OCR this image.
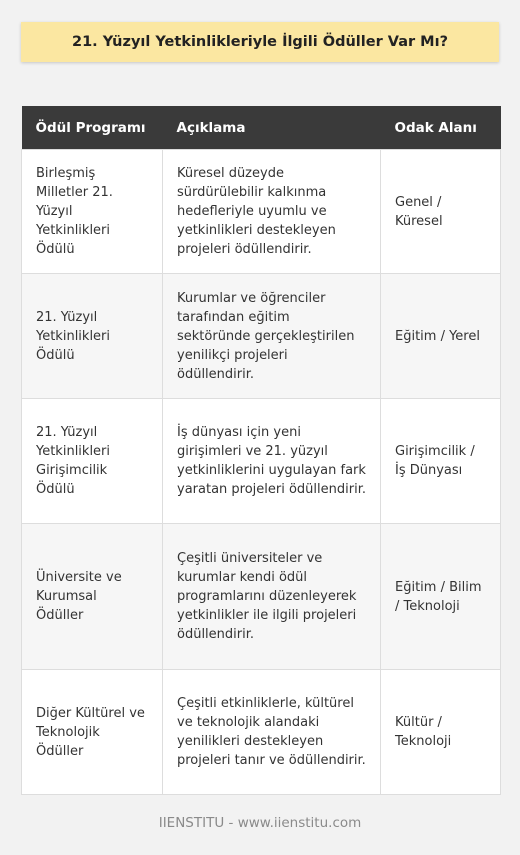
21. Yüzyıl Yetkinlikleriyle İlgili Ödüller Var Mı?
Ödül Programı	Açıklama	Odak Alanı
Birleşmiş Milletler 21. Yüzyıl Yetkinlikleri Ödülü	Küresel düzeyde sürdürülebilir kalkınma hedefleriyle uyumlu ve yetkinlikleri destekleyen projeleri ödüllendirir.	Genel / Küresel
21. Yüzyıl Yetkinlikleri Ödülü	Kurumlar ve öğrenciler tarafından eğitim sektöründe gerçekleştirilen yenilikçi projeleri ödüllendirir.	Eğitim / Yerel
21. Yüzyıl Yetkinlikleri Girişimcilik Ödülü	İş dünyası için yeni girişimleri ve 21. yüzyıl yetkinliklerini uygulayan fark yaratan projeleri ödüllendirir.	Girişimcilik / İş Dünyası
Üniversite ve Kurumsal Ödüller	Çeşitli üniversiteler ve kurumlar kendi ödül programlarını düzenleyerek yetkinlikler ile ilgili projeleri ödüllendirir.	Eğitim / Bilim / Teknoloji
Diğer Kültürel ve Teknolojik Ödüller	Çeşitli etkinliklerle, kültürel ve teknolojik alandaki yenilikleri destekleyen projeleri tanır ve ödüllendirir.	Kültür / Teknoloji
IIENSTITU - www.iienstitu.com
